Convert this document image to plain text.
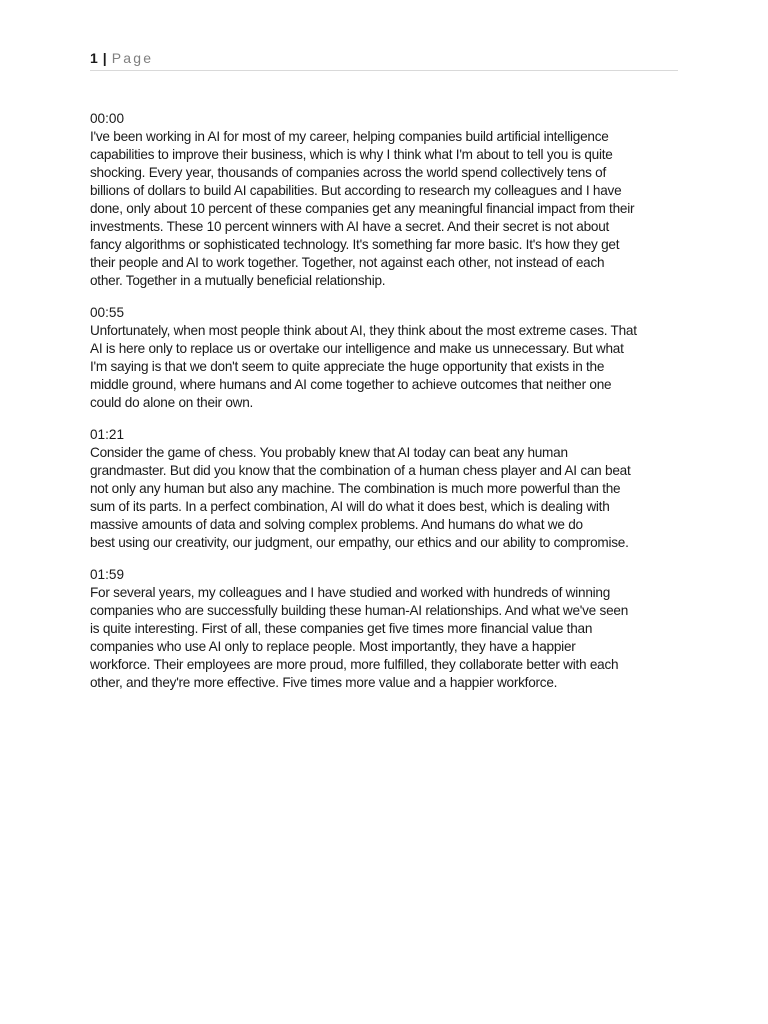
1 | Page
00:00
I've been working in AI for most of my career, helping companies build artificial intelligence
capabilities to improve their business, which is why I think what I'm about to tell you is quite
shocking. Every year, thousands of companies across the world spend collectively tens of
billions of dollars to build AI capabilities. But according to research my colleagues and I have
done, only about 10 percent of these companies get any meaningful financial impact from their
investments. These 10 percent winners with AI have a secret. And their secret is not about
fancy algorithms or sophisticated technology. It's something far more basic. It's how they get
their people and AI to work together. Together, not against each other, not instead of each
other. Together in a mutually beneficial relationship.
00:55
Unfortunately, when most people think about AI, they think about the most extreme cases. That
AI is here only to replace us or overtake our intelligence and make us unnecessary. But what
I'm saying is that we don't seem to quite appreciate the huge opportunity that exists in the
middle ground, where humans and AI come together to achieve outcomes that neither one
could do alone on their own.
01:21
Consider the game of chess. You probably knew that AI today can beat any human
grandmaster. But did you know that the combination of a human chess player and AI can beat
not only any human but also any machine. The combination is much more powerful than the
sum of its parts. In a perfect combination, AI will do what it does best, which is dealing with
massive amounts of data and solving complex problems. And humans do what we do
best using our creativity, our judgment, our empathy, our ethics and our ability to compromise.
01:59
For several years, my colleagues and I have studied and worked with hundreds of winning
companies who are successfully building these human-AI relationships. And what we've seen
is quite interesting. First of all, these companies get five times more financial value than
companies who use AI only to replace people. Most importantly, they have a happier
workforce. Their employees are more proud, more fulfilled, they collaborate better with each
other, and they're more effective. Five times more value and a happier workforce.
